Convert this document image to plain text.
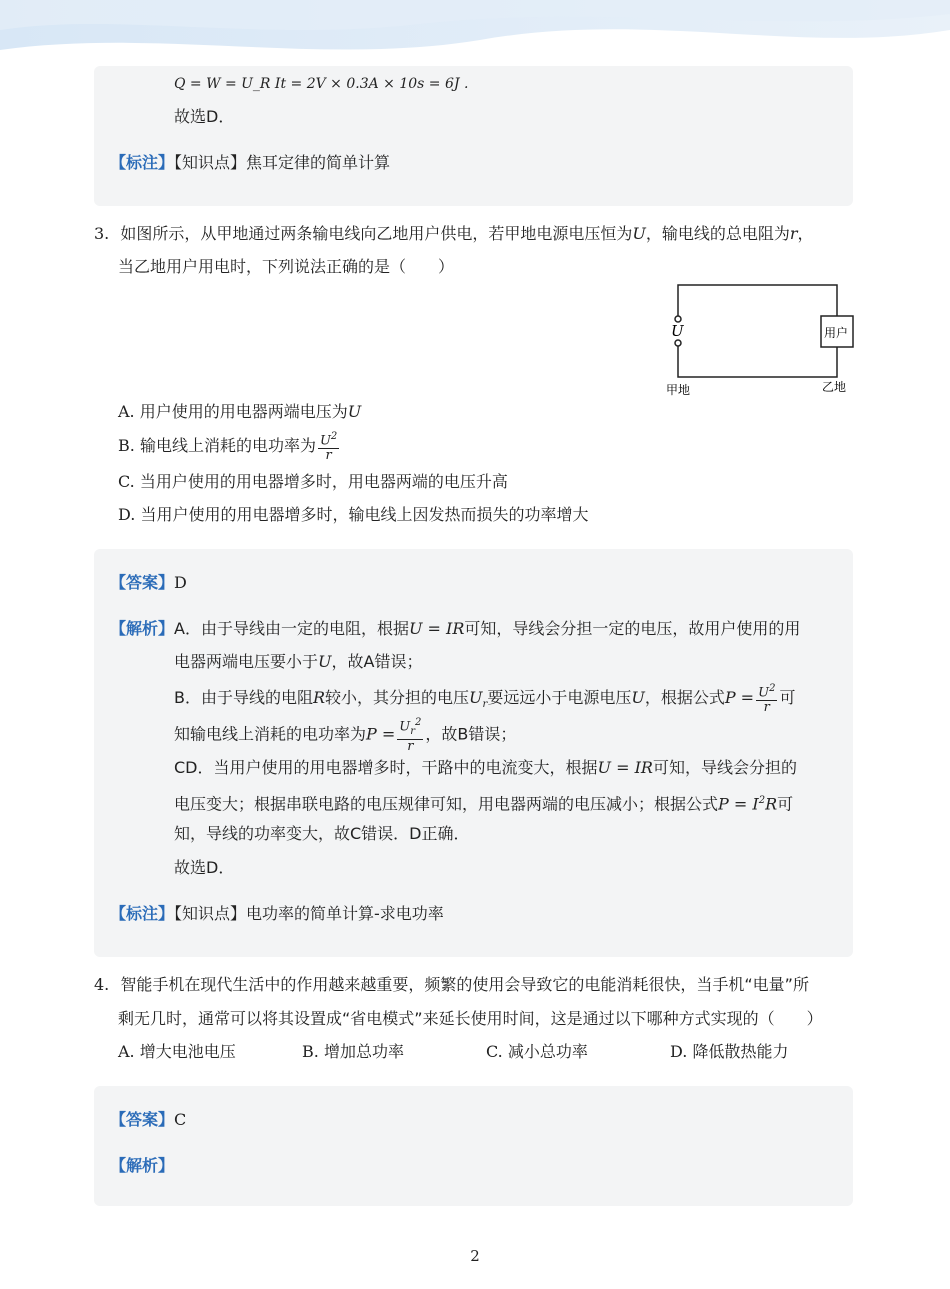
Q = W = U_R It = 2V × 0.3A × 10s = 6J .
故选D．
【标注】【知识点】焦耳定律的简单计算
3. 如图所示，从甲地通过两条输电线向乙地用户供电，若甲地电源电压恒为U，输电线的总电阻为r，
当乙地用户用电时，下列说法正确的是（　　）
U	用户
甲地	乙地
A. 用户使用的用电器两端电压为U
B. 输电线上消耗的电功率为 $\frac{U^2}{r}$
C. 当用户使用的用电器增多时，用电器两端的电压升高
D. 当用户使用的用电器增多时，输电线上因发热而损失的功率增大
【答案】D
【解析】A．由于导线由一定的电阻，根据U = IR可知，导线会分担一定的电压，故用户使用的用
电器两端电压要小于U，故A错误；
B．由于导线的电阻R较小，其分担的电压$U_r$要远远小于电源电压U，根据公式$P = \frac{U^2}{r}$ 可
知输电线上消耗的电功率为$P = \frac{U_r^2}{r}$ ，故B错误；
CD．当用户使用的用电器增多时，干路中的电流变大，根据U = IR可知，导线会分担的
电压变大；根据串联电路的电压规律可知，用电器两端的电压减小；根据公式$P = I^2R$可
知，导线的功率变大，故C错误．D正确．
故选D．
【标注】【知识点】电功率的简单计算-求电功率
4. 智能手机在现代生活中的作用越来越重要，频繁的使用会导致它的电能消耗很快，当手机“电量”所
剩无几时，通常可以将其设置成“省电模式”来延长使用时间，这是通过以下哪种方式实现的（　　）
A. 增大电池电压	B. 增加总功率	C. 减小总功率	D. 降低散热能力
【答案】C
【解析】
2
